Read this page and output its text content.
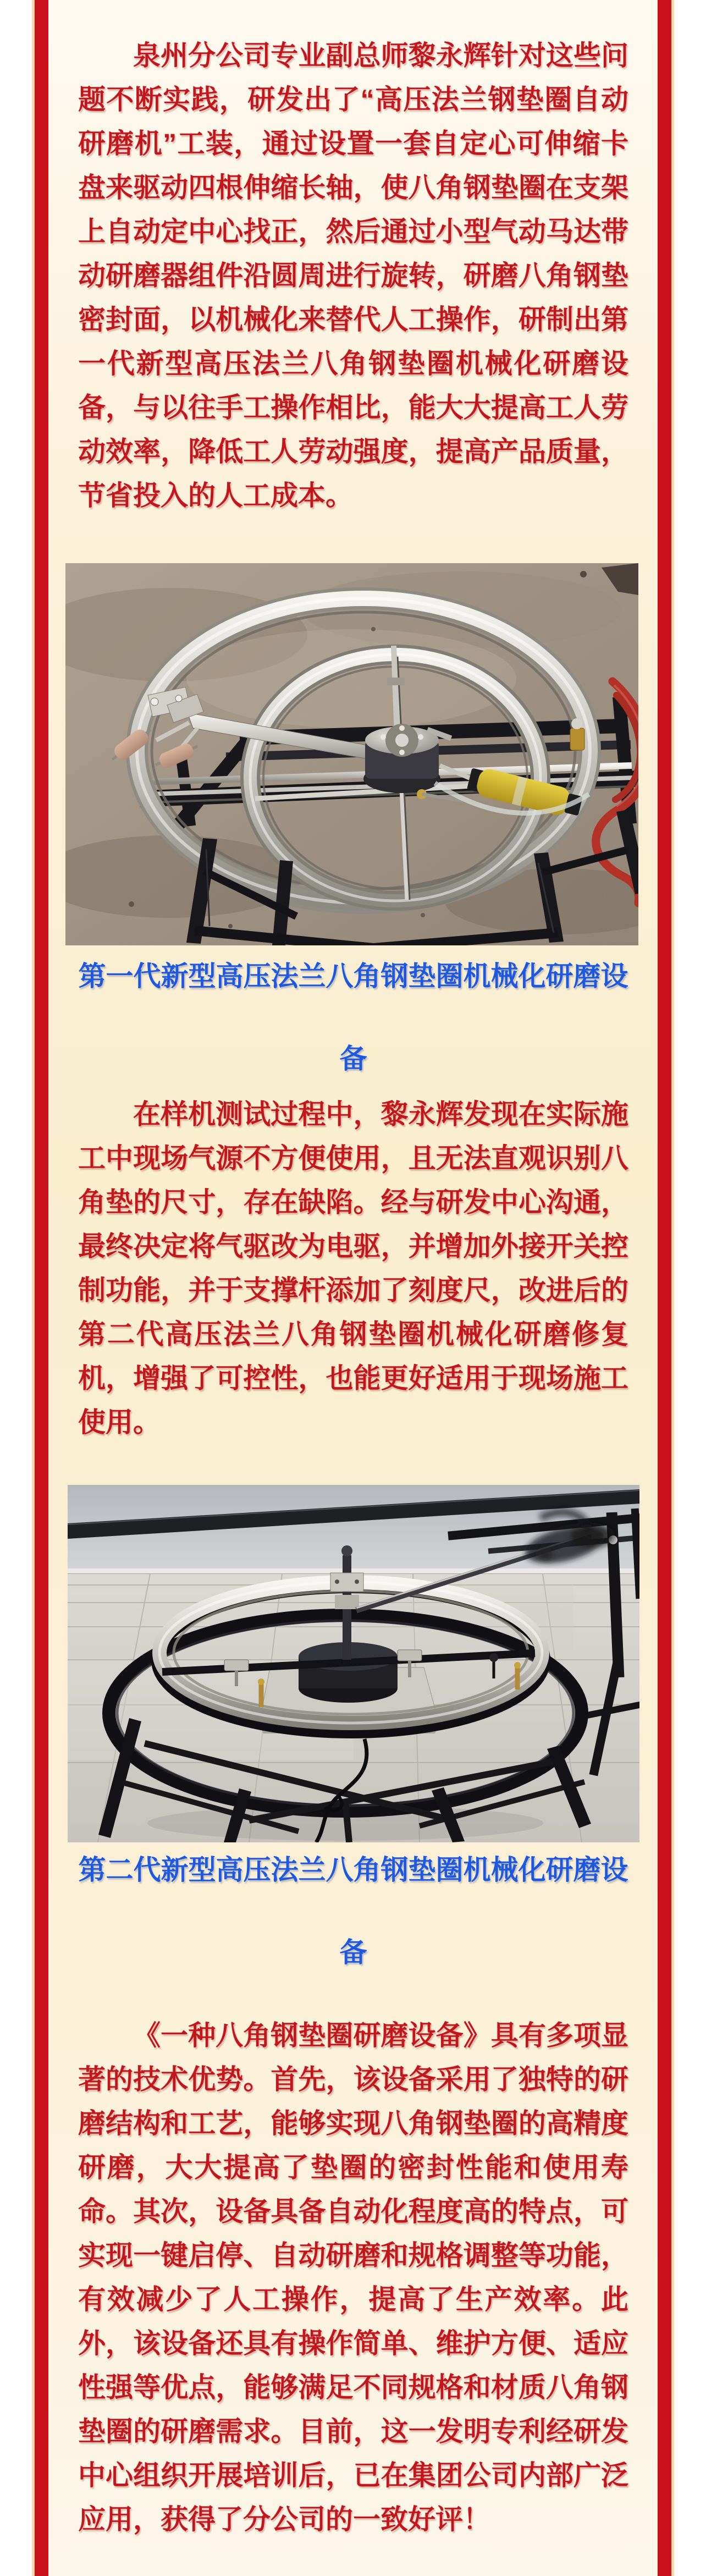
泉州分公司专业副总师黎永辉针对这些问题不断实践，研发出了“高压法兰钢垫圈自动研磨机”工装，通过设置一套自定心可伸缩卡盘来驱动四根伸缩长轴，使八角钢垫圈在支架上自动定中心找正，然后通过小型气动马达带动研磨器组件沿圆周进行旋转，研磨八角钢垫密封面，以机械化来替代人工操作，研制出第一代新型高压法兰八角钢垫圈机械化研磨设备，与以往手工操作相比，能大大提高工人劳动效率，降低工人劳动强度，提高产品质量，节省投入的人工成本。

第一代新型高压法兰八角钢垫圈机械化研磨设备

在样机测试过程中，黎永辉发现在实际施工中现场气源不方便使用，且无法直观识别八角垫的尺寸，存在缺陷。经与研发中心沟通，最终决定将气驱改为电驱，并增加外接开关控制功能，并于支撑杆添加了刻度尺，改进后的第二代高压法兰八角钢垫圈机械化研磨修复机，增强了可控性，也能更好适用于现场施工使用。

第二代新型高压法兰八角钢垫圈机械化研磨设备

《一种八角钢垫圈研磨设备》具有多项显著的技术优势。首先，该设备采用了独特的研磨结构和工艺，能够实现八角钢垫圈的高精度研磨，大大提高了垫圈的密封性能和使用寿命。其次，设备具备自动化程度高的特点，可实现一键启停、自动研磨和规格调整等功能，有效减少了人工操作，提高了生产效率。此外，该设备还具有操作简单、维护方便、适应性强等优点，能够满足不同规格和材质八角钢垫圈的研磨需求。目前，这一发明专利经研发中心组织开展培训后，已在集团公司内部广泛应用，获得了分公司的一致好评！
